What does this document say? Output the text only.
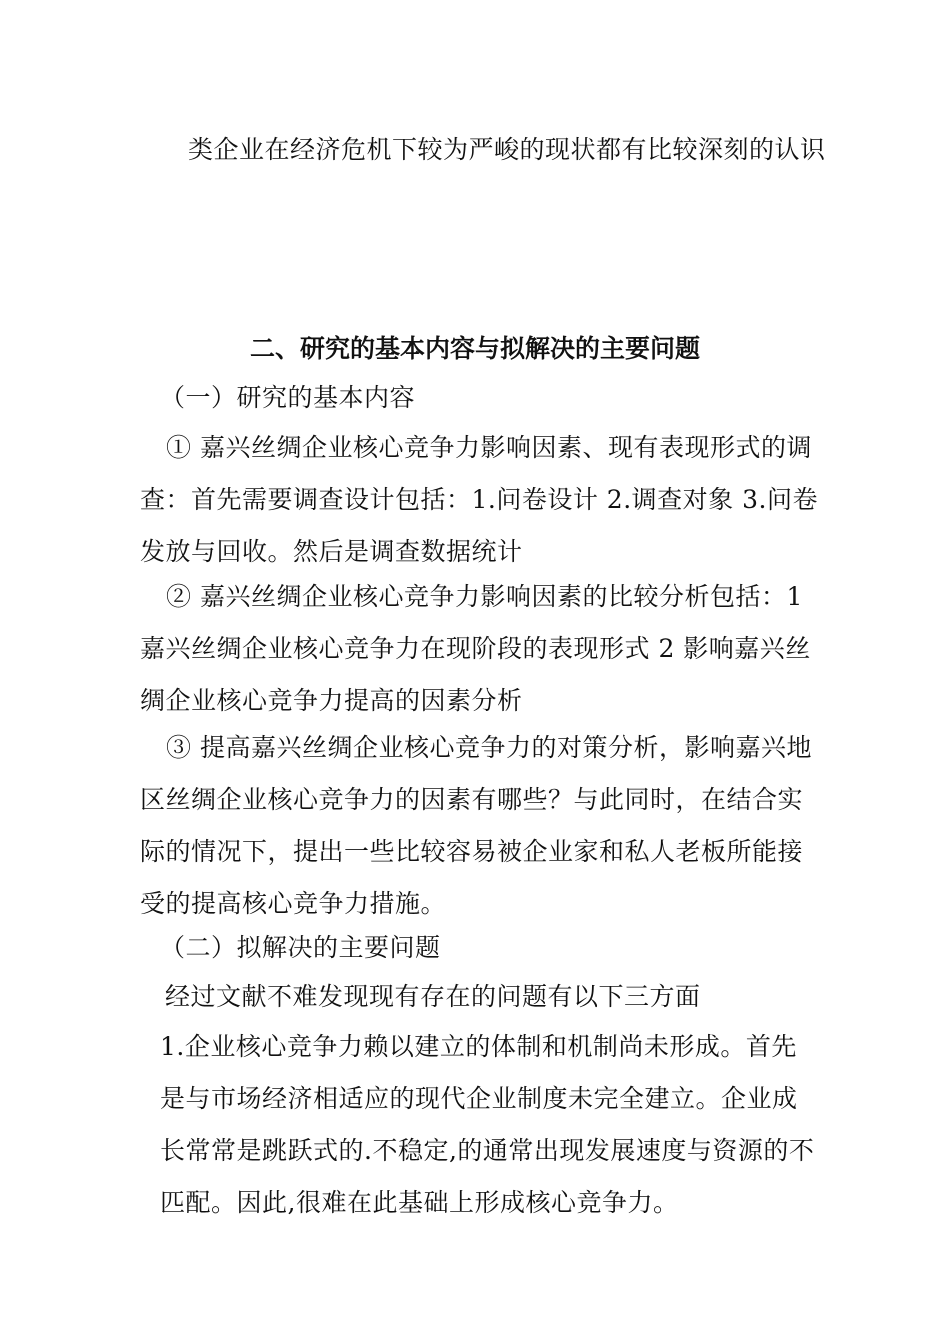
类企业在经济危机下较为严峻的现状都有比较深刻的认识

二、研究的基本内容与拟解决的主要问题

（一）研究的基本内容

① 嘉兴丝绸企业核心竞争力影响因素、现有表现形式的调查：首先需要调查设计包括：1.问卷设计 2.调查对象 3.问卷发放与回收。然后是调查数据统计

② 嘉兴丝绸企业核心竞争力影响因素的比较分析包括：1 嘉兴丝绸企业核心竞争力在现阶段的表现形式 2 影响嘉兴丝绸企业核心竞争力提高的因素分析

③ 提高嘉兴丝绸企业核心竞争力的对策分析，影响嘉兴地区丝绸企业核心竞争力的因素有哪些？与此同时，在结合实际的情况下，提出一些比较容易被企业家和私人老板所能接受的提高核心竞争力措施。

（二）拟解决的主要问题

经过文献不难发现现有存在的问题有以下三方面

1.企业核心竞争力赖以建立的体制和机制尚未形成。首先是与市场经济相适应的现代企业制度未完全建立。企业成长常常是跳跃式的.不稳定,的通常出现发展速度与资源的不匹配。因此,很难在此基础上形成核心竞争力。
